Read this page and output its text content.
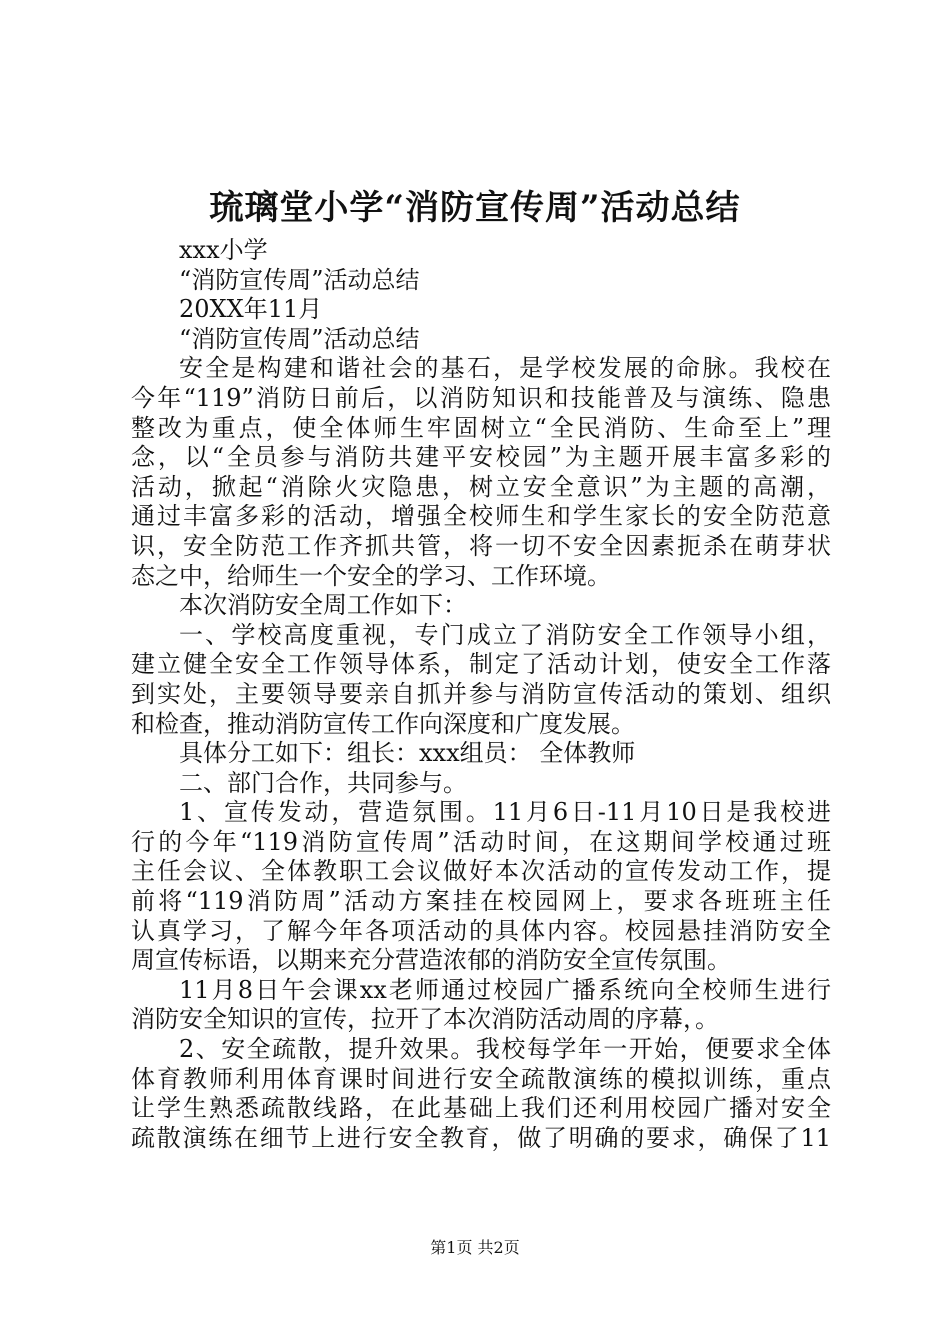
琉璃堂小学“消防宣传周”活动总结
xxx小学
“消防宣传周”活动总结
20XX年11月
“消防宣传周”活动总结
安全是构建和谐社会的基石，是学校发展的命脉。我校在
今年“119”消防日前后，以消防知识和技能普及与演练、隐患
整改为重点，使全体师生牢固树立“全民消防、生命至上”理
念，以“全员参与消防共建平安校园”为主题开展丰富多彩的
活动，掀起“消除火灾隐患，树立安全意识”为主题的高潮，
通过丰富多彩的活动，增强全校师生和学生家长的安全防范意
识，安全防范工作齐抓共管，将一切不安全因素扼杀在萌芽状
态之中，给师生一个安全的学习、工作环境。
本次消防安全周工作如下：
一、学校高度重视，专门成立了消防安全工作领导小组，
建立健全安全工作领导体系，制定了活动计划，使安全工作落
到实处，主要领导要亲自抓并参与消防宣传活动的策划、组织
和检查，推动消防宣传工作向深度和广度发展。
具体分工如下：组长：xxx组员： 全体教师
二、部门合作，共同参与。
1、宣传发动，营造氛围。11月6日-11月10日是我校进
行的今年“119消防宣传周”活动时间，在这期间学校通过班
主任会议、全体教职工会议做好本次活动的宣传发动工作，提
前将“119消防周”活动方案挂在校园网上，要求各班班主任
认真学习，了解今年各项活动的具体内容。校园悬挂消防安全
周宣传标语，以期来充分营造浓郁的消防安全宣传氛围。
11月8日午会课xx老师通过校园广播系统向全校师生进行
消防安全知识的宣传，拉开了本次消防活动周的序幕，。
2、安全疏散，提升效果。我校每学年一开始，便要求全体
体育教师利用体育课时间进行安全疏散演练的模拟训练，重点
让学生熟悉疏散线路，在此基础上我们还利用校园广播对安全
疏散演练在细节上进行安全教育，做了明确的要求，确保了11
第1页 共2页
